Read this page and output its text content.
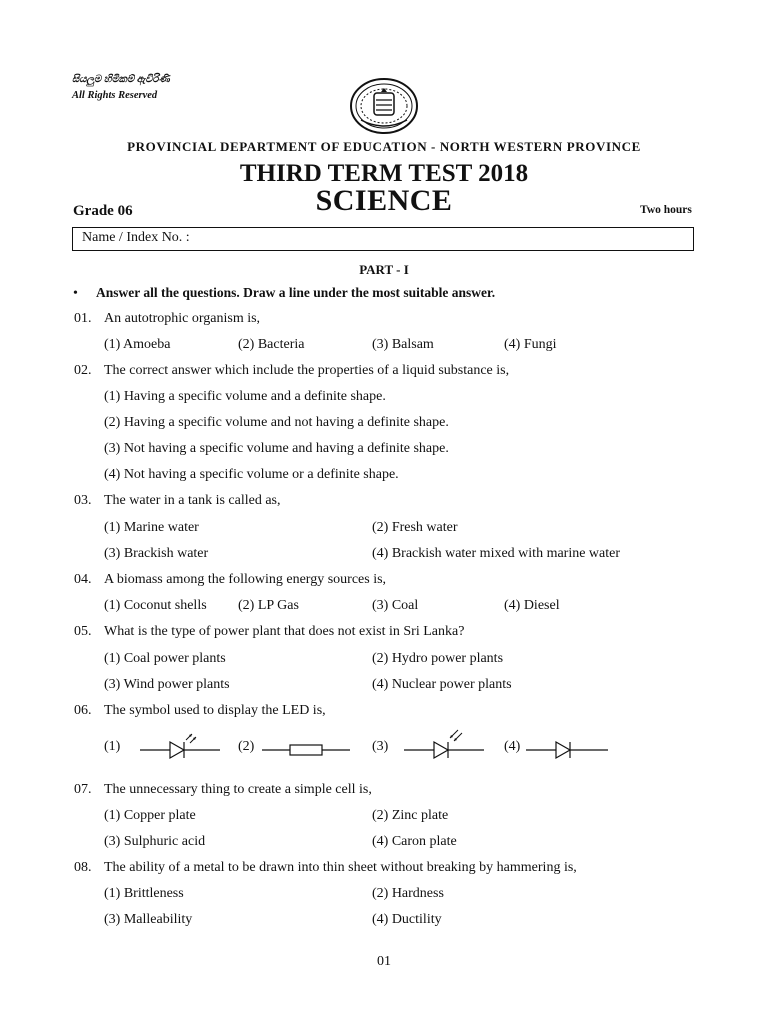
සියලුම හිමිකම් ඇවිරිණි
All Rights Reserved
PROVINCIAL DEPARTMENT OF EDUCATION - NORTH WESTERN PROVINCE
THIRD TERM TEST 2018
SCIENCE
Grade 06	Two hours
Name / Index No. :
PART - I
• Answer all the questions. Draw a line under the most suitable answer.
01. An autotrophic organism is,
(1) Amoeba	(2) Bacteria	(3) Balsam	(4) Fungi
02. The correct answer which include the properties of a liquid substance is,
(1) Having a specific volume and a definite shape.
(2) Having a specific volume and not having a definite shape.
(3) Not having a specific volume and having a definite shape.
(4) Not having a specific volume or a definite shape.
03. The water in a tank is called as,
(1) Marine water	(2) Fresh water
(3) Brackish water	(4) Brackish water mixed with marine water
04. A biomass among the following energy sources is,
(1) Coconut shells (2) LP Gas	(3) Coal	(4) Diesel
05. What is the type of power plant that does not exist in Sri Lanka?
(1) Coal power plants	(2) Hydro power plants
(3) Wind power plants	(4) Nuclear power plants
06. The symbol used to display the LED is,
(1)	(2)	(3)	(4)
07. The unnecessary thing to create a simple cell is,
(1) Copper plate	(2) Zinc plate
(3) Sulphuric acid	(4) Caron plate
08. The ability of a metal to be drawn into thin sheet without breaking by hammering is,
(1) Brittleness	(2) Hardness
(3) Malleability	(4) Ductility
01
